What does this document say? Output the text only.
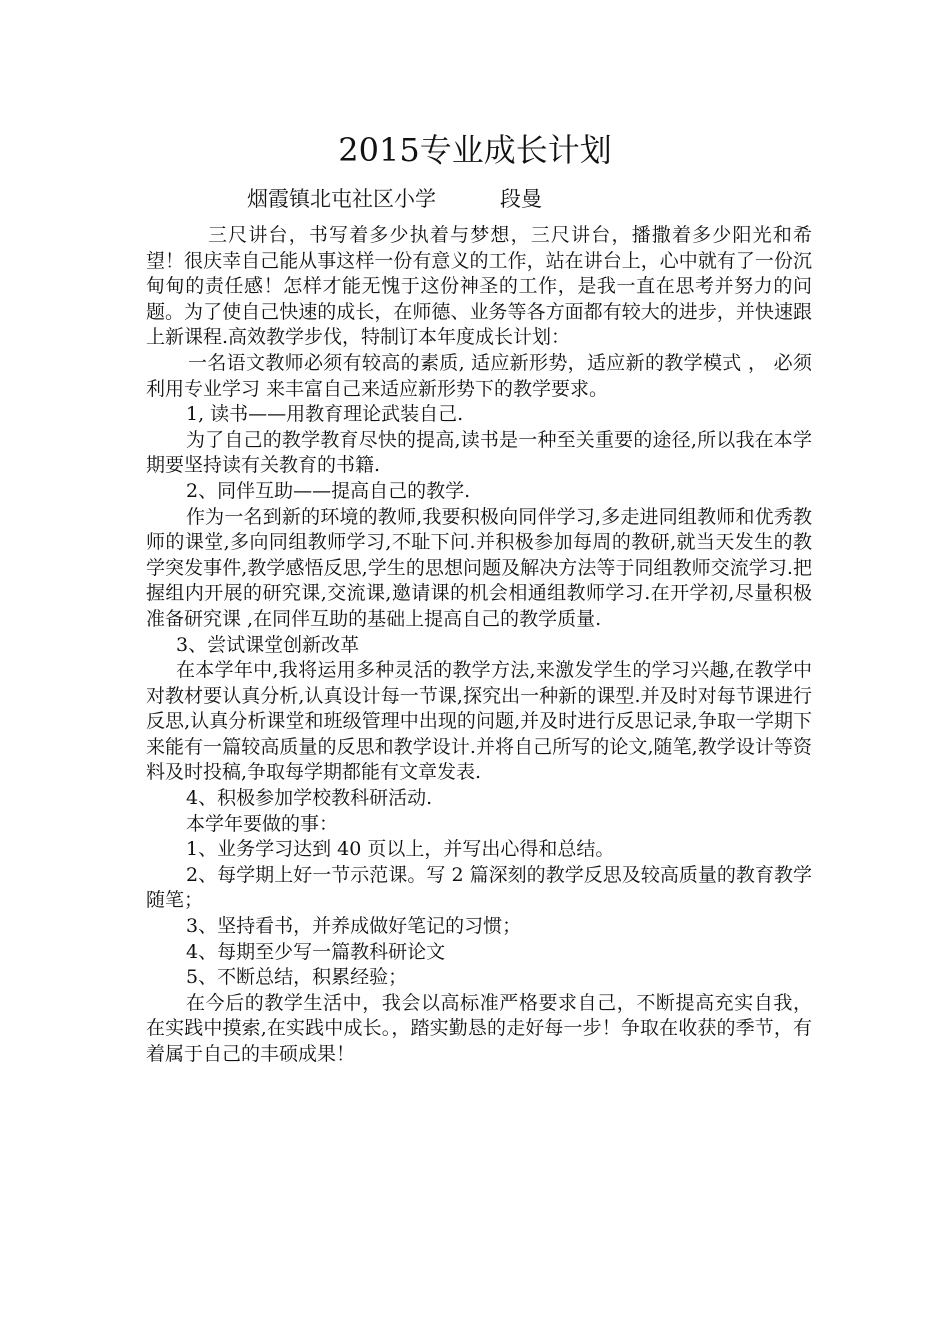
2015专业成长计划
烟霞镇北屯社区小学	段曼

三尺讲台，书写着多少执着与梦想，三尺讲台，播撒着多少阳光和希望！很庆幸自己能从事这样一份有意义的工作，站在讲台上，心中就有了一份沉甸甸的责任感！怎样才能无愧于这份神圣的工作，是我一直在思考并努力的问题。为了使自己快速的成长，在师德、业务等各方面都有较大的进步，并快速跟上新课程.高效教学步伐，特制订本年度成长计划：

一名语文教师必须有较高的素质, 适应新形势，适应新的教学模式 ， 必须利用专业学习 来丰富自己来适应新形势下的教学要求。

1, 读书——用教育理论武装自己.

为了自己的教学教育尽快的提高,读书是一种至关重要的途径,所以我在本学期要坚持读有关教育的书籍.

2、同伴互助——提高自己的教学.

作为一名到新的环境的教师,我要积极向同伴学习,多走进同组教师和优秀教师的课堂,多向同组教师学习,不耻下问.并积极参加每周的教研,就当天发生的教学突发事件,教学感悟反思,学生的思想问题及解决方法等于同组教师交流学习.把握组内开展的研究课,交流课,邀请课的机会相通组教师学习.在开学初,尽量积极准备研究课 ,在同伴互助的基础上提高自己的教学质量.

3、尝试课堂创新改革

在本学年中,我将运用多种灵活的教学方法,来激发学生的学习兴趣,在教学中对教材要认真分析,认真设计每一节课,探究出一种新的课型.并及时对每节课进行反思,认真分析课堂和班级管理中出现的问题,并及时进行反思记录,争取一学期下来能有一篇较高质量的反思和教学设计.并将自己所写的论文,随笔,教学设计等资料及时投稿,争取每学期都能有文章发表.

4、积极参加学校教科研活动.

本学年要做的事：

1、业务学习达到 40 页以上，并写出心得和总结。

2、每学期上好一节示范课。写 2 篇深刻的教学反思及较高质量的教育教学随笔；

3、坚持看书，并养成做好笔记的习惯；

4、每期至少写一篇教科研论文

5、不断总结，积累经验；

在今后的教学生活中，我会以高标准严格要求自己，不断提高充实自我，在实践中摸索,在实践中成长。，踏实勤恳的走好每一步！争取在收获的季节，有着属于自己的丰硕成果！
